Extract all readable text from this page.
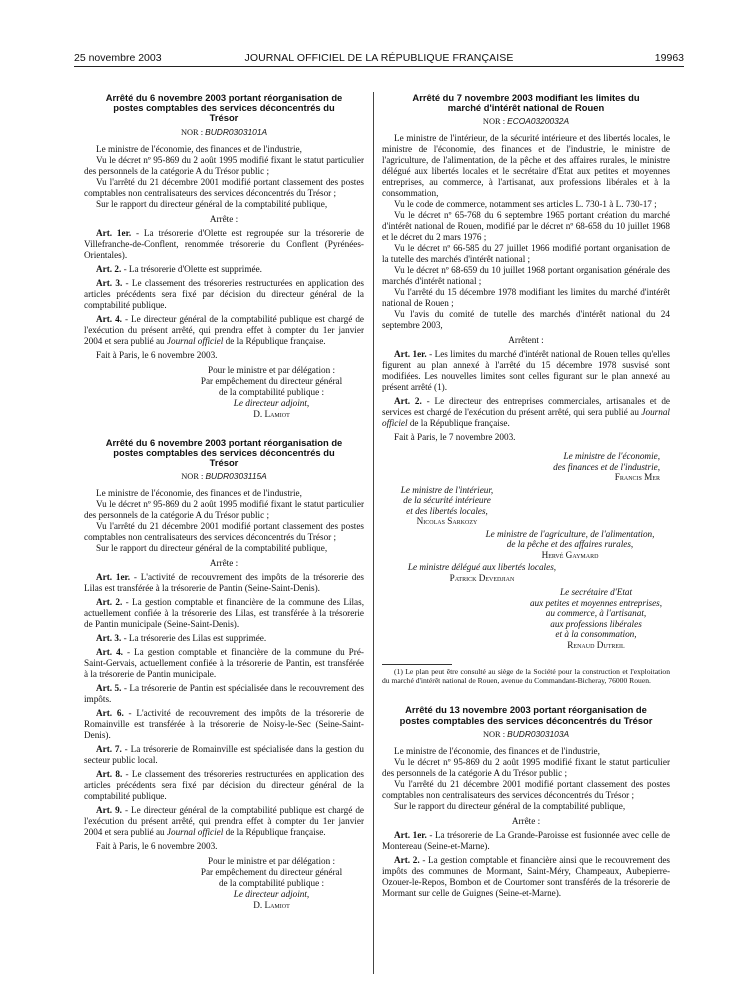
25 novembre 2003	JOURNAL OFFICIEL DE LA RÉPUBLIQUE FRANÇAISE	19963
Arrêté du 6 novembre 2003 portant réorganisation de postes comptables des services déconcentrés du Trésor
NOR : BUDR0303101A

Le ministre de l'économie, des finances et de l'industrie,

Vu le décret nº 95-869 du 2 août 1995 modifié fixant le statut particulier des personnels de la catégorie A du Trésor public ;

Vu l'arrêté du 21 décembre 2001 modifié portant classement des postes comptables non centralisateurs des services déconcentrés du Trésor ;

Sur le rapport du directeur général de la comptabilité publique,

Arrête :

Art. 1er. - La trésorerie d'Olette est regroupée sur la trésorerie de Villefranche-de-Conflent, renommée trésorerie du Conflent (Pyrénées-Orientales).

Art. 2. - La trésorerie d'Olette est supprimée.

Art. 3. - Le classement des trésoreries restructurées en application des articles précédents sera fixé par décision du directeur général de la comptabilité publique.

Art. 4. - Le directeur général de la comptabilité publique est chargé de l'exécution du présent arrêté, qui prendra effet à compter du 1er janvier 2004 et sera publié au Journal officiel de la République française.

Fait à Paris, le 6 novembre 2003.

Pour le ministre et par délégation :
Par empêchement du directeur général
de la comptabilité publique :
Le directeur adjoint,
D. Lamiot
Arrêté du 6 novembre 2003 portant réorganisation de postes comptables des services déconcentrés du Trésor
NOR : BUDR0303115A

Le ministre de l'économie, des finances et de l'industrie,

Vu le décret nº 95-869 du 2 août 1995 modifié fixant le statut particulier des personnels de la catégorie A du Trésor public ;

Vu l'arrêté du 21 décembre 2001 modifié portant classement des postes comptables non centralisateurs des services déconcentrés du Trésor ;

Sur le rapport du directeur général de la comptabilité publique,

Arrête :

Art. 1er. - L'activité de recouvrement des impôts de la trésorerie des Lilas est transférée à la trésorerie de Pantin (Seine-Saint-Denis).

Art. 2. - La gestion comptable et financière de la commune des Lilas, actuellement confiée à la trésorerie des Lilas, est transférée à la trésorerie de Pantin municipale (Seine-Saint-Denis).

Art. 3. - La trésorerie des Lilas est supprimée.

Art. 4. - La gestion comptable et financière de la commune du Pré-Saint-Gervais, actuellement confiée à la trésorerie de Pantin, est transférée à la trésorerie de Pantin municipale.

Art. 5. - La trésorerie de Pantin est spécialisée dans le recouvrement des impôts.

Art. 6. - L'activité de recouvrement des impôts de la trésorerie de Romainville est transférée à la trésorerie de Noisy-le-Sec (Seine-Saint-Denis).

Art. 7. - La trésorerie de Romainville est spécialisée dans la gestion du secteur public local.

Art. 8. - Le classement des trésoreries restructurées en application des articles précédents sera fixé par décision du directeur général de la comptabilité publique.

Art. 9. - Le directeur général de la comptabilité publique est chargé de l'exécution du présent arrêté, qui prendra effet à compter du 1er janvier 2004 et sera publié au Journal officiel de la République française.

Fait à Paris, le 6 novembre 2003.

Pour le ministre et par délégation :
Par empêchement du directeur général
de la comptabilité publique :
Le directeur adjoint,
D. Lamiot
Arrêté du 7 novembre 2003 modifiant les limites du marché d'intérêt national de Rouen
NOR : ECOA0320032A

Le ministre de l'intérieur, de la sécurité intérieure et des libertés locales, le ministre de l'économie, des finances et de l'industrie, le ministre de l'agriculture, de l'alimentation, de la pêche et des affaires rurales, le ministre délégué aux libertés locales et le secrétaire d'Etat aux petites et moyennes entreprises, au commerce, à l'artisanat, aux professions libérales et à la consommation,

Vu le code de commerce, notamment ses articles L. 730-1 à L. 730-17 ;

Vu le décret nº 65-768 du 6 septembre 1965 portant création du marché d'intérêt national de Rouen, modifié par le décret nº 68-658 du 10 juillet 1968 et le décret du 2 mars 1976 ;

Vu le décret nº 66-585 du 27 juillet 1966 modifié portant organisation de la tutelle des marchés d'intérêt national ;

Vu le décret nº 68-659 du 10 juillet 1968 portant organisation générale des marchés d'intérêt national ;

Vu l'arrêté du 15 décembre 1978 modifiant les limites du marché d'intérêt national de Rouen ;

Vu l'avis du comité de tutelle des marchés d'intérêt national du 24 septembre 2003,

Arrêtent :

Art. 1er. - Les limites du marché d'intérêt national de Rouen telles qu'elles figurent au plan annexé à l'arrêté du 15 décembre 1978 susvisé sont modifiées. Les nouvelles limites sont celles figurant sur le plan annexé au présent arrêté (1).

Art. 2. - Le directeur des entreprises commerciales, artisanales et de services est chargé de l'exécution du présent arrêté, qui sera publié au Journal officiel de la République française.

Fait à Paris, le 7 novembre 2003.

Le ministre de l'économie,
des finances et de l'industrie,
Francis Mer
Le ministre de l'intérieur,
de la sécurité intérieure
et des libertés locales,
Nicolas Sarkozy
Le ministre de l'agriculture, de l'alimentation,
de la pêche et des affaires rurales,
Hervé Gaymard
Le ministre délégué aux libertés locales,
Patrick Devedjian
Le secrétaire d'Etat
aux petites et moyennes entreprises,
au commerce, à l'artisanat,
aux professions libérales
et à la consommation,
Renaud Dutreil

(1) Le plan peut être consulté au siège de la Société pour la construction et l'exploitation du marché d'intérêt national de Rouen, avenue du Commandant-Bicheray, 76000 Rouen.

Arrêté du 13 novembre 2003 portant réorganisation de postes comptables des services déconcentrés du Trésor
NOR : BUDR0303103A

Le ministre de l'économie, des finances et de l'industrie,

Vu le décret nº 95-869 du 2 août 1995 modifié fixant le statut particulier des personnels de la catégorie A du Trésor public ;

Vu l'arrêté du 21 décembre 2001 modifié portant classement des postes comptables non centralisateurs des services déconcentrés du Trésor ;

Sur le rapport du directeur général de la comptabilité publique,

Arrête :

Art. 1er. - La trésorerie de La Grande-Paroisse est fusionnée avec celle de Montereau (Seine-et-Marne).

Art. 2. - La gestion comptable et financière ainsi que le recouvrement des impôts des communes de Mormant, Saint-Méry, Champeaux, Aubepierre-Ozouer-le-Repos, Bombon et de Courtomer sont transférés de la trésorerie de Mormant sur celle de Guignes (Seine-et-Marne).
